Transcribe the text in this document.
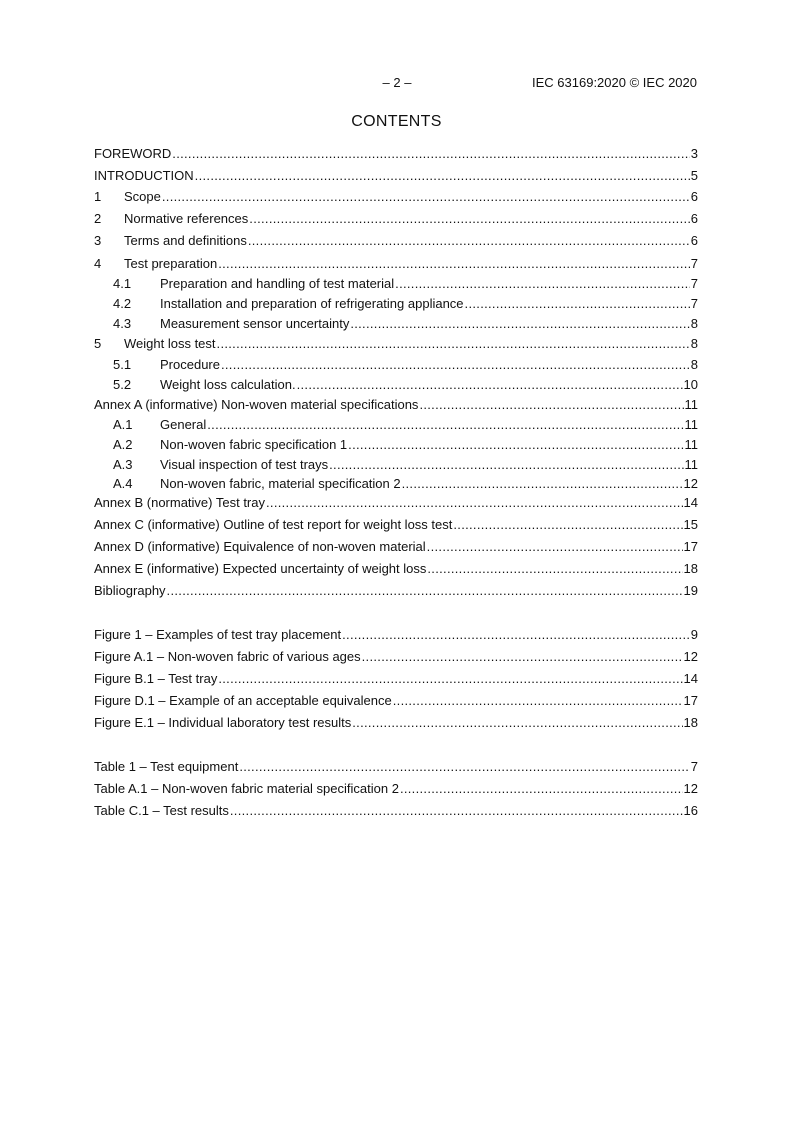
– 2 –	IEC 63169:2020 © IEC 2020
CONTENTS
FOREWORD .....	3
INTRODUCTION .....	5
1	Scope .....	6
2	Normative references .....	6
3	Terms and definitions .....	6
4	Test preparation .....	7
4.1	Preparation and handling of test material .....	7
4.2	Installation and preparation of refrigerating appliance .....	7
4.3	Measurement sensor uncertainty .....	8
5	Weight loss test .....	8
5.1	Procedure .....	8
5.2	Weight loss calculation. .....	10
Annex A (informative) Non-woven material specifications .....	11
A.1	General .....	11
A.2	Non-woven fabric specification 1 .....	11
A.3	Visual inspection of test trays .....	11
A.4	Non-woven fabric, material specification 2 .....	12
Annex B (normative) Test tray .....	14
Annex C (informative) Outline of test report for weight loss test .....	15
Annex D (informative) Equivalence of non-woven material .....	17
Annex E (informative) Expected uncertainty of weight loss .....	18
Bibliography .....	19
Figure 1 – Examples of test tray placement .....	9
Figure A.1 – Non-woven fabric of various ages .....	12
Figure B.1 – Test tray .....	14
Figure D.1 – Example of an acceptable equivalence .....	17
Figure E.1 – Individual laboratory test results .....	18
Table 1 – Test equipment .....	7
Table A.1 – Non-woven fabric material specification 2 .....	12
Table C.1 – Test results .....	16
